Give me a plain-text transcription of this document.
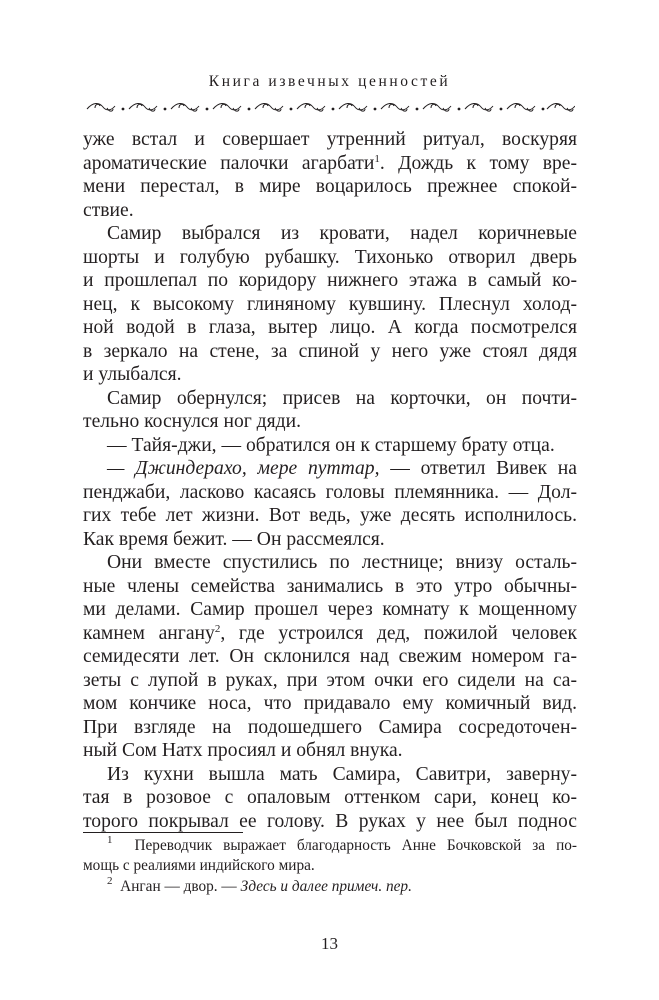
Книга извечных ценностей

уже встал и совершает утренний ритуал, воскуряя
ароматические палочки агарбати$^1$. Дождь к тому вре-
мени перестал, в мире воцарилось прежнее спокой-
ствие.

Самир выбрался из кровати, надел коричневые
шорты и голубую рубашку. Тихонько отворил дверь
и прошлепал по коридору нижнего этажа в самый ко-
нец, к высокому глиняному кувшину. Плеснул холод-
ной водой в глаза, вытер лицо. А когда посмотрелся
в зеркало на стене, за спиной у него уже стоял дядя
и улыбался.

Самир обернулся; присев на корточки, он почти-
тельно коснулся ног дяди.

— Тайя-джи, — обратился он к старшему брату отца.

— Джиндерахо, мере путтар, — ответил Вивек на
пенджаби, ласково касаясь головы племянника. — Дол-
гих тебе лет жизни. Вот ведь, уже десять исполнилось.
Как время бежит. — Он рассмеялся.

Они вместе спустились по лестнице; внизу осталь-
ные члены семейства занимались в это утро обычны-
ми делами. Самир прошел через комнату к мощенному
камнем ангану$^2$, где устроился дед, пожилой человек
семидесяти лет. Он склонился над свежим номером га-
зеты с лупой в руках, при этом очки его сидели на са-
мом кончике носа, что придавало ему комичный вид.
При взгляде на подошедшего Самира сосредоточен-
ный Сом Натх просиял и обнял внука.

Из кухни вышла мать Самира, Савитри, заверну-
тая в розовое с опаловым оттенком сари, конец ко-
торого покрывал ее голову. В руках у нее был поднос

$^1$ Переводчик выражает благодарность Анне Бочковской за по-
мощь с реалиями индийского мира.

$^2$ Анган — двор. — Здесь и далее примеч. пер.

13
